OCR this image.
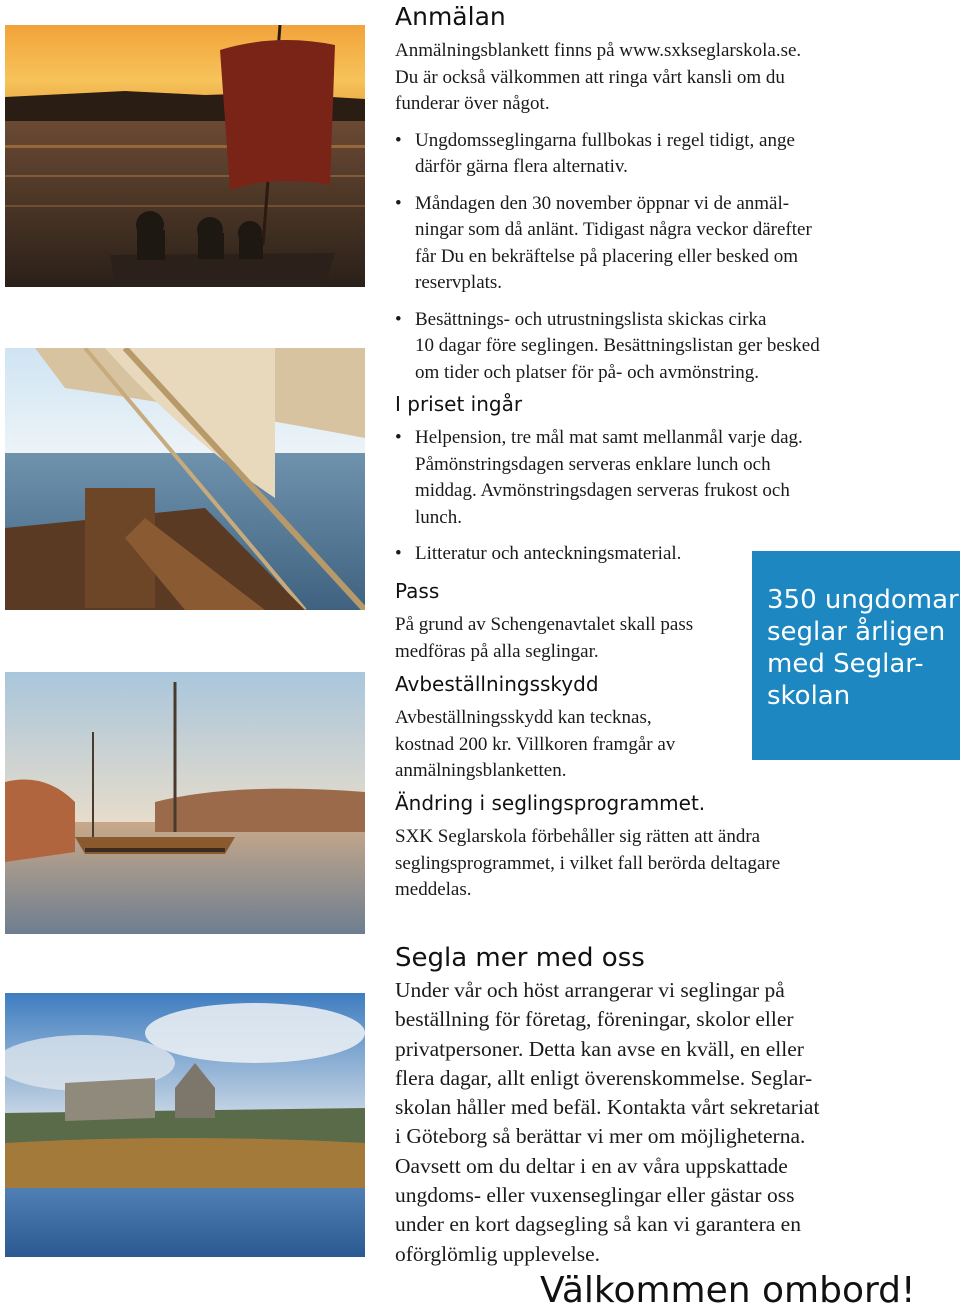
Anmälan

Anmälningsblankett finns på www.sxkseglarskola.se.
Du är också välkommen att ringa vårt kansli om du
funderar över något.

• Ungdomsseglingarna fullbokas i regel tidigt, ange
därför gärna flera alternativ.
• Måndagen den 30 november öppnar vi de anmäl-
ningar som då anlänt. Tidigast några veckor därefter
får Du en bekräftelse på placering eller besked om
reservplats.
• Besättnings- och utrustningslista skickas cirka
10 dagar före seglingen. Besättningslistan ger besked
om tider och platser för på- och avmönstring.
I priset ingår
• Helpension, tre mål mat samt mellanmål varje dag.
Påmönstringsdagen serveras enklare lunch och
middag. Avmönstringsdagen serveras frukost och
lunch.
• Litteratur och anteckningsmaterial.
Pass

På grund av Schengenavtalet skall pass
medföras på alla seglingar.

Avbeställningsskydd

Avbeställningsskydd kan tecknas,
kostnad 200 kr. Villkoren framgår av
anmälningsblanketten.

Ändring i seglingsprogrammet.

SXK Seglarskola förbehåller sig rätten att ändra
seglingsprogrammet, i vilket fall berörda deltagare
meddelas.

350 ungdomar
seglar årligen
med Seglar-
skolan
Segla mer med oss

Under vår och höst arrangerar vi seglingar på
beställning för företag, föreningar, skolor eller
privatpersoner. Detta kan avse en kväll, en eller
flera dagar, allt enligt överenskommelse. Seglar-
skolan håller med befäl. Kontakta vårt sekretariat
i Göteborg så berättar vi mer om möjligheterna.
Oavsett om du deltar i en av våra uppskattade
ungdoms- eller vuxenseglingar eller gästar oss
under en kort dagsegling så kan vi garantera en
oförglömlig upplevelse.

Välkommen ombord!
